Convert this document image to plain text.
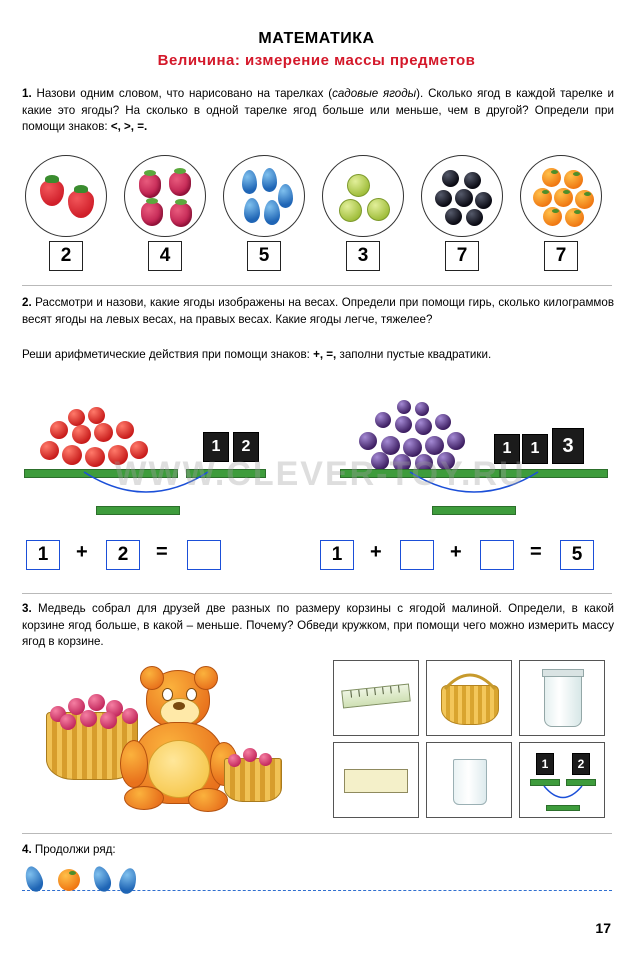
МАТЕМАТИКА
Величина: измерение массы предметов
1. Назови одним словом, что нарисовано на тарелках (садовые ягоды). Сколько ягод в каждой тарелке и какие это ягоды? На сколько в одной тарелке ягод больше или меньше, чем в другой? Определи при помощи знаков: <, >, =.
2	4	5	3	7	7
2. Рассмотри и назови, какие ягоды изображены на весах. Определи при помощи гирь, сколько килограммов весят ягоды на левых весах, на правых весах. Какие ягоды легче, тяжелее?
Реши арифметические действия при помощи знаков: +, =, заполни пустые квадратики.
1	2	1	1	3
WWW.CLEVER-TOY.RU
1	+	2	=	1	+	+	=	5
3. Медведь собрал для друзей две разных по размеру корзины с ягодой малиной. Определи, в какой корзине ягод больше, в какой – меньше. Почему? Обведи кружком, при помощи чего можно измерить массу ягод в корзине.
1	2
4. Продолжи ряд:
17
